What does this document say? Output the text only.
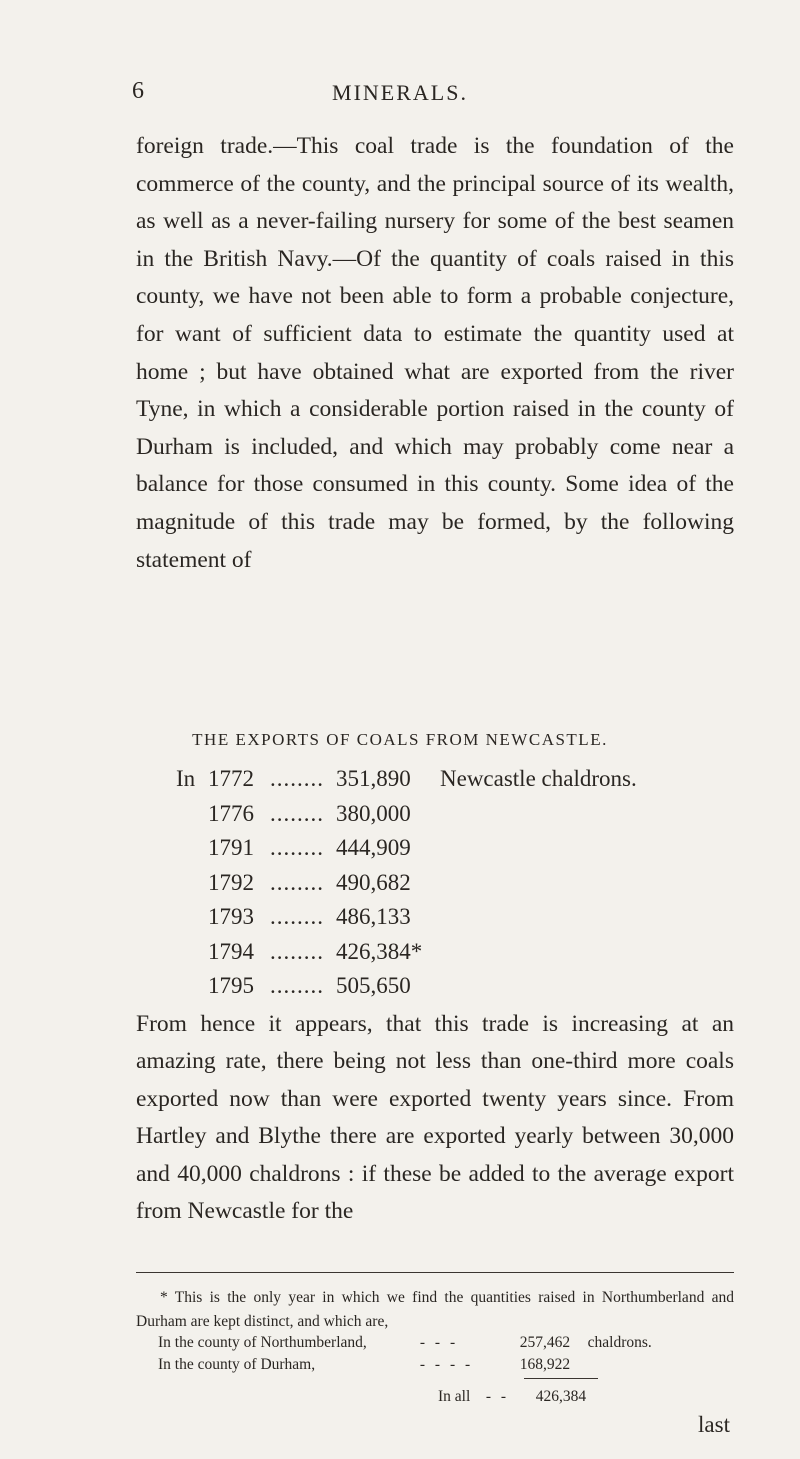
6	MINERALS.

foreign trade.—This coal trade is the foundation of the commerce of the county, and the principal source of its wealth, as well as a never-failing nursery for some of the best seamen in the British Navy.—Of the quantity of coals raised in this county, we have not been able to form a probable conjecture, for want of sufficient data to estimate the quantity used at home ; but have obtained what are exported from the river Tyne, in which a considerable portion raised in the county of Durham is included, and which may probably come near a balance for those consumed in this county. Some idea of the magnitude of this trade may be formed, by the following statement of

THE EXPORTS OF COALS FROM NEWCASTLE.
In 1772 ........ 351,890	Newcastle chaldrons.
1776 ........ 380,000
1791 ........ 444,909
1792 ........ 490,682
1793 ........ 486,133
1794 ........ 426,384*
1795 ........ 505,650

From hence it appears, that this trade is increasing at an amazing rate, there being not less than one-third more coals exported now than were exported twenty years since. From Hartley and Blythe there are exported yearly between 30,000 and 40,000 chaldrons : if these be added to the average export from Newcastle for the

* This is the only year in which we find the quantities raised in Northumberland and Durham are kept distinct, and which are,

In the county of Northumberland,	- - -	257,462 chaldrons.
In the county of Durham,	- - - -	168,922
In all - - 426,384
last
